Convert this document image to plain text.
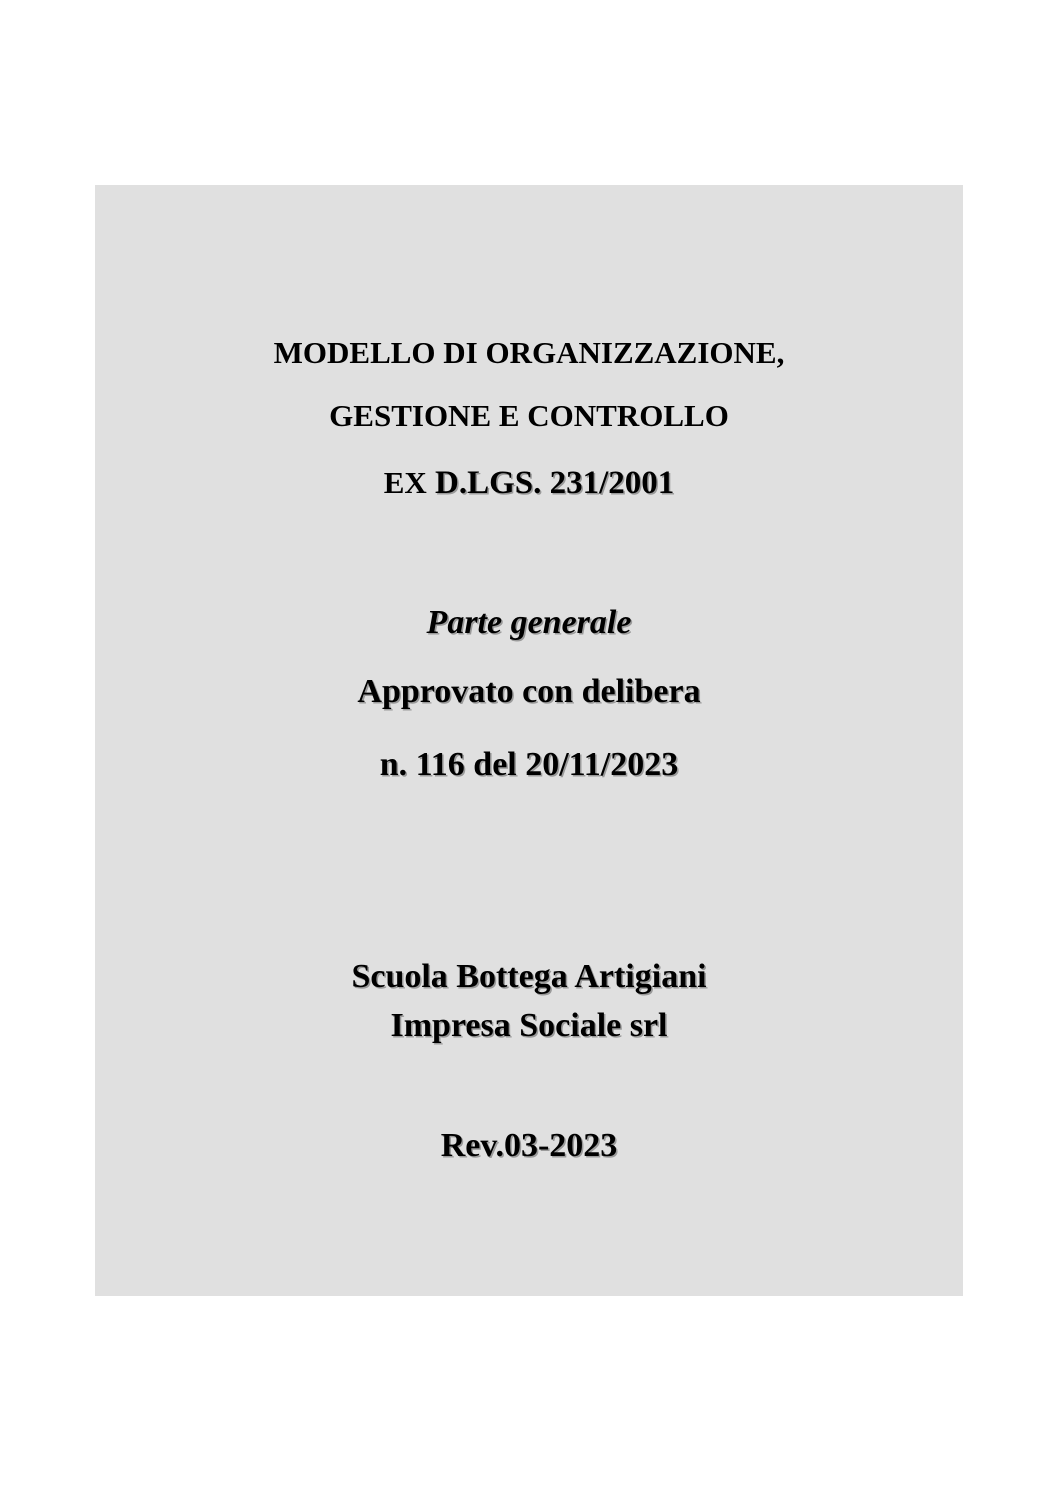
MODELLO DI ORGANIZZAZIONE,

GESTIONE E CONTROLLO

EX D.LGS. 231/2001

Parte generale

Approvato con delibera

n. 116 del 20/11/2023

Scuola Bottega Artigiani

Impresa Sociale srl

Rev.03-2023
